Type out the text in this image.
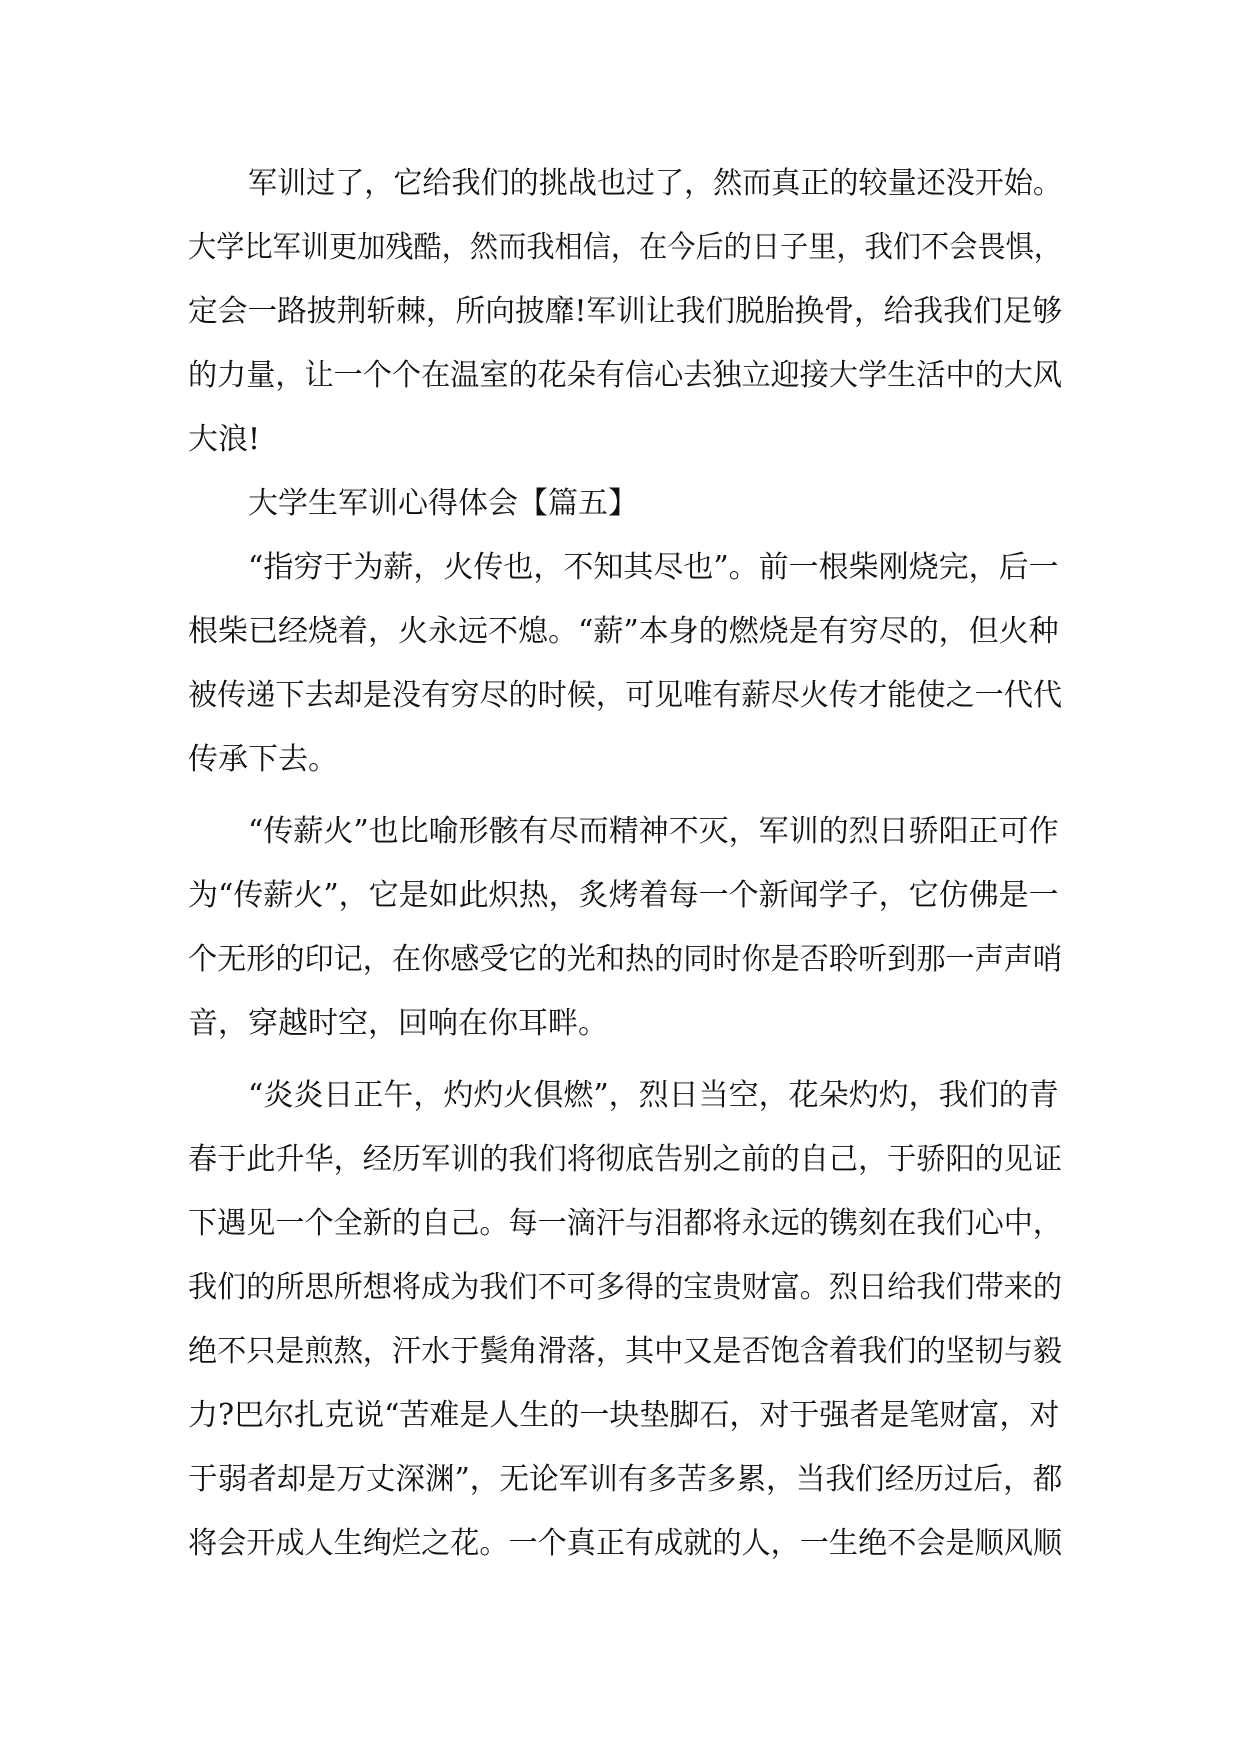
军训过了，它给我们的挑战也过了，然而真正的较量还没开始。
大学比军训更加残酷，然而我相信，在今后的日子里，我们不会畏惧，
定会一路披荆斩棘，所向披靡!军训让我们脱胎换骨，给我我们足够
的力量，让一个个在温室的花朵有信心去独立迎接大学生活中的大风
大浪!
大学生军训心得体会【篇五】
“指穷于为薪，火传也，不知其尽也”。前一根柴刚烧完，后一
根柴已经烧着，火永远不熄。“薪”本身的燃烧是有穷尽的，但火种
被传递下去却是没有穷尽的时候，可见唯有薪尽火传才能使之一代代
传承下去。
“传薪火”也比喻形骸有尽而精神不灭，军训的烈日骄阳正可作
为“传薪火”，它是如此炽热，炙烤着每一个新闻学子，它仿佛是一
个无形的印记，在你感受它的光和热的同时你是否聆听到那一声声哨
音，穿越时空，回响在你耳畔。
“炎炎日正午，灼灼火俱燃”，烈日当空，花朵灼灼，我们的青
春于此升华，经历军训的我们将彻底告别之前的自己，于骄阳的见证
下遇见一个全新的自己。每一滴汗与泪都将永远的镌刻在我们心中，
我们的所思所想将成为我们不可多得的宝贵财富。烈日给我们带来的
绝不只是煎熬，汗水于鬓角滑落，其中又是否饱含着我们的坚韧与毅
力?巴尔扎克说“苦难是人生的一块垫脚石，对于强者是笔财富，对
于弱者却是万丈深渊”，无论军训有多苦多累，当我们经历过后，都
将会开成人生绚烂之花。一个真正有成就的人，一生绝不会是顺风顺
